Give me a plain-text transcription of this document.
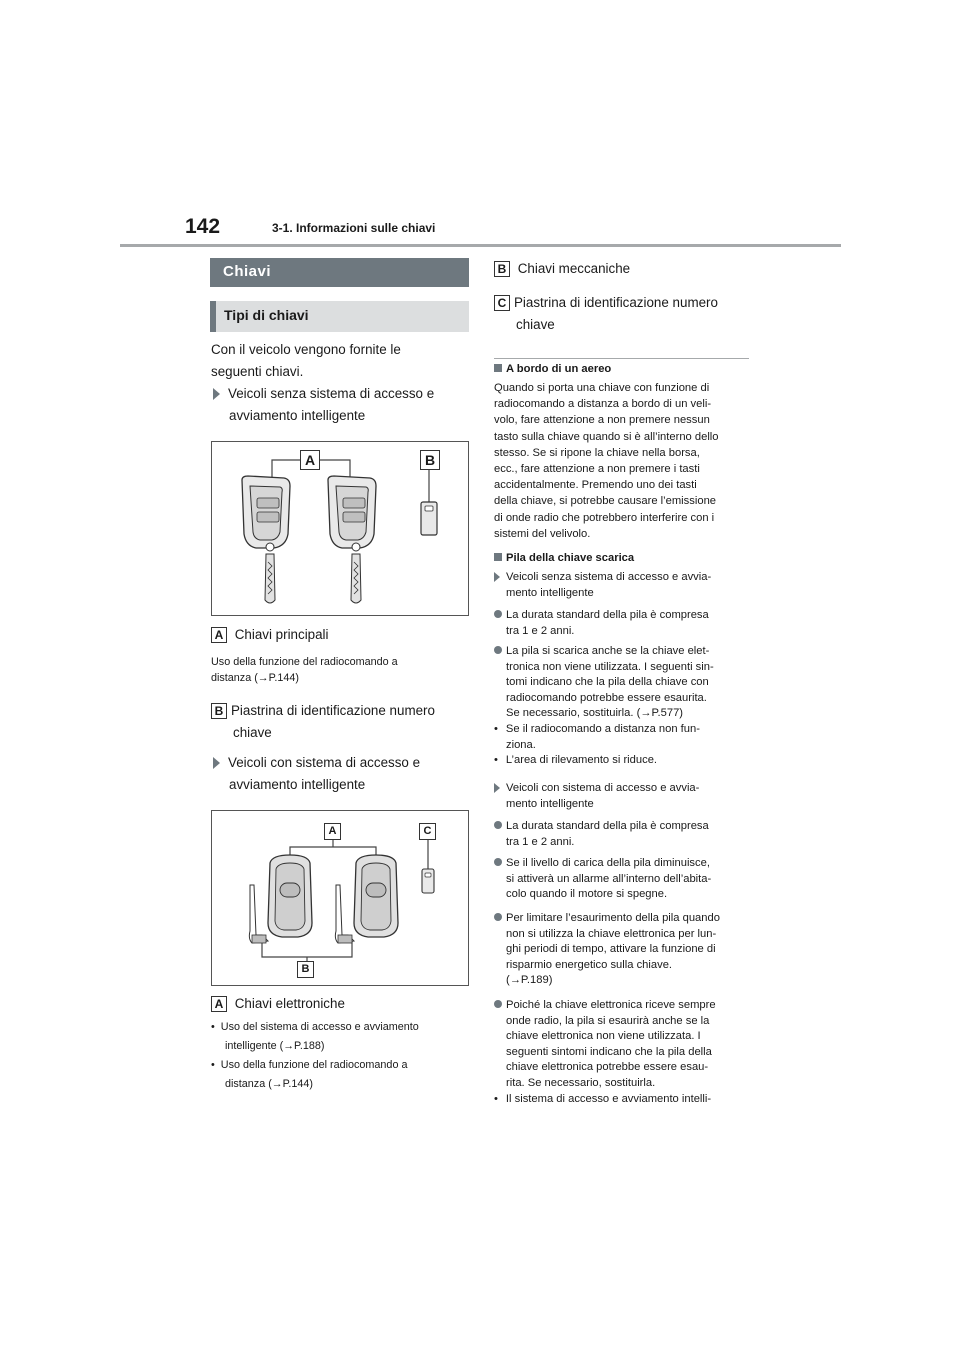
142	3-1. Informazioni sulle chiavi
Chiavi
Tipi di chiavi
Con il veicolo vengono fornite le
seguenti chiavi.
Veicoli senza sistema di accesso e
avviamento intelligente
A	B
A Chiavi principali
Uso della funzione del radiocomando a
distanza (→P.144)
B Piastrina di identificazione numero
chiave
Veicoli con sistema di accesso e
avviamento intelligente
A	C
B
A Chiavi elettroniche
• Uso del sistema di accesso e avviamento
intelligente (→P.188)
• Uso della funzione del radiocomando a
distanza (→P.144)
B Chiavi meccaniche
C Piastrina di identificazione numero
chiave
A bordo di un aereo
Quando si porta una chiave con funzione di
radiocomando a distanza a bordo di un veli-
volo, fare attenzione a non premere nessun
tasto sulla chiave quando si è all’interno dello
stesso. Se si ripone la chiave nella borsa,
ecc., fare attenzione a non premere i tasti
accidentalmente. Premendo uno dei tasti
della chiave, si potrebbe causare l’emissione
di onde radio che potrebbero interferire con i
sistemi del velivolo.
Pila della chiave scarica
Veicoli senza sistema di accesso e avvia-
mento intelligente
La durata standard della pila è compresa
tra 1 e 2 anni.
La pila si scarica anche se la chiave elet-
tronica non viene utilizzata. I seguenti sin-
tomi indicano che la pila della chiave con
radiocomando potrebbe essere esaurita.
Se necessario, sostituirla. (→P.577)
• Se il radiocomando a distanza non fun-
ziona.
• L’area di rilevamento si riduce.
Veicoli con sistema di accesso e avvia-
mento intelligente
La durata standard della pila è compresa
tra 1 e 2 anni.
Se il livello di carica della pila diminuisce,
si attiverà un allarme all’interno dell’abita-
colo quando il motore si spegne.
Per limitare l’esaurimento della pila quando
non si utilizza la chiave elettronica per lun-
ghi periodi di tempo, attivare la funzione di
risparmio energetico sulla chiave.
(→P.189)
Poiché la chiave elettronica riceve sempre
onde radio, la pila si esaurirà anche se la
chiave elettronica non viene utilizzata. I
seguenti sintomi indicano che la pila della
chiave elettronica potrebbe essere esau-
rita. Se necessario, sostituirla.
• Il sistema di accesso e avviamento intelli-
